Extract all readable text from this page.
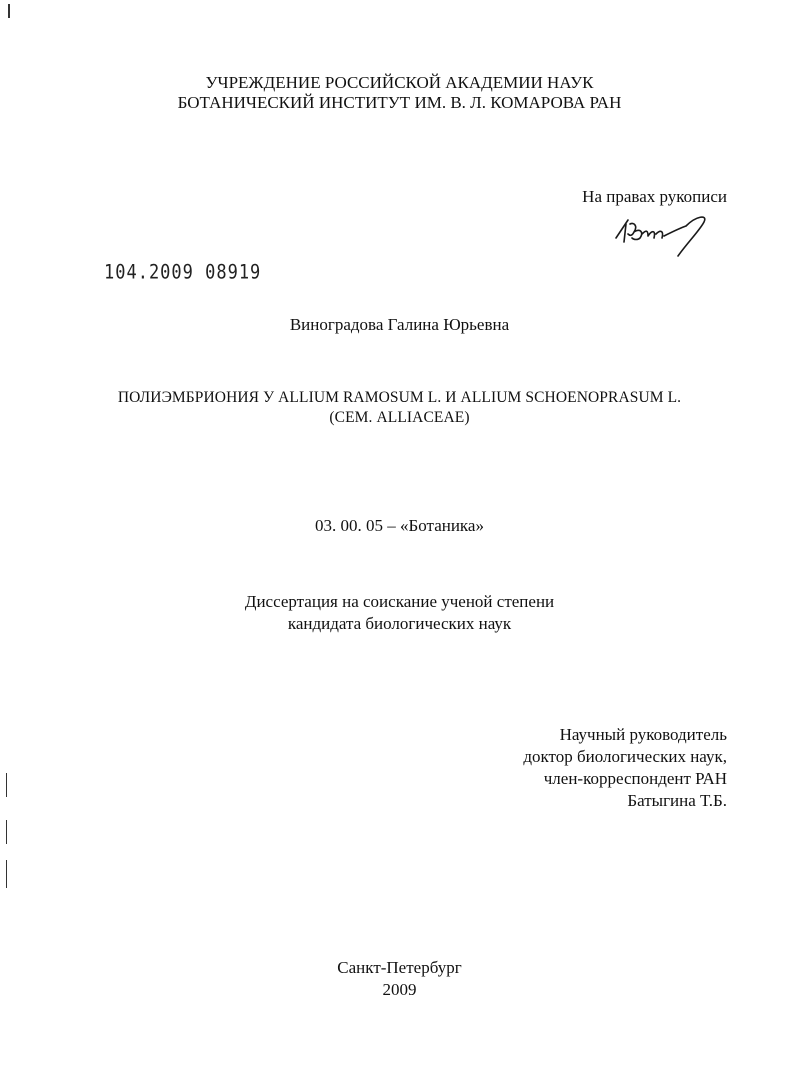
УЧРЕЖДЕНИЕ РОССИЙСКОЙ АКАДЕМИИ НАУК
БОТАНИЧЕСКИЙ ИНСТИТУТ ИМ. В. Л. КОМАРОВА РАН
На правах рукописи
104.2009 08919
Виноградова Галина Юрьевна
ПОЛИЭМБРИОНИЯ У ALLIUM RAMOSUM L. И ALLIUM SCHOENOPRASUM L.
(СЕМ. ALLIACEAE)
03. 00. 05 – «Ботаника»
Диссертация на соискание ученой степени
кандидата биологических наук
Научный руководитель
доктор биологических наук,
член-корреспондент РАН
Батыгина Т.Б.
Санкт-Петербург
2009
